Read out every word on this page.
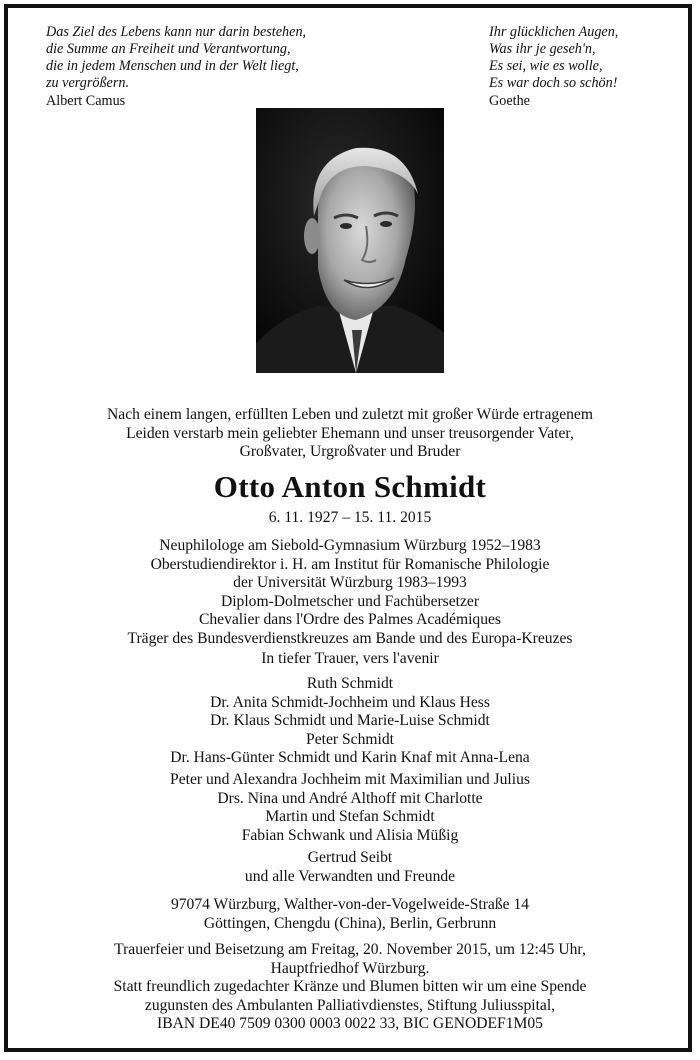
Das Ziel des Lebens kann nur darin bestehen,
die Summe an Freiheit und Verantwortung,
die in jedem Menschen und in der Welt liegt,
zu vergrößern.
Albert Camus
Ihr glücklichen Augen,
Was ihr je geseh'n,
Es sei, wie es wolle,
Es war doch so schön!
Goethe
Nach einem langen, erfüllten Leben und zuletzt mit großer Würde ertragenem
Leiden verstarb mein geliebter Ehemann und unser treusorgender Vater,
Großvater, Urgroßvater und Bruder
Otto Anton Schmidt
6. 11. 1927 – 15. 11. 2015
Neuphilologe am Siebold-Gymnasium Würzburg 1952–1983
Oberstudiendirektor i. H. am Institut für Romanische Philologie
der Universität Würzburg 1983–1993
Diplom-Dolmetscher und Fachübersetzer
Chevalier dans l'Ordre des Palmes Académiques
Träger des Bundesverdienstkreuzes am Bande und des Europa-Kreuzes
In tiefer Trauer, vers l'avenir
Ruth Schmidt
Dr. Anita Schmidt-Jochheim und Klaus Hess
Dr. Klaus Schmidt und Marie-Luise Schmidt
Peter Schmidt
Dr. Hans-Günter Schmidt und Karin Knaf mit Anna-Lena
Peter und Alexandra Jochheim mit Maximilian und Julius
Drs. Nina und André Althoff mit Charlotte
Martin und Stefan Schmidt
Fabian Schwank und Alisia Müßig
Gertrud Seibt
und alle Verwandten und Freunde
97074 Würzburg, Walther-von-der-Vogelweide-Straße 14
Göttingen, Chengdu (China), Berlin, Gerbrunn
Trauerfeier und Beisetzung am Freitag, 20. November 2015, um 12:45 Uhr,
Hauptfriedhof Würzburg.
Statt freundlich zugedachter Kränze und Blumen bitten wir um eine Spende
zugunsten des Ambulanten Palliativdienstes, Stiftung Juliusspital,
IBAN DE40 7509 0300 0003 0022 33, BIC GENODEF1M05
